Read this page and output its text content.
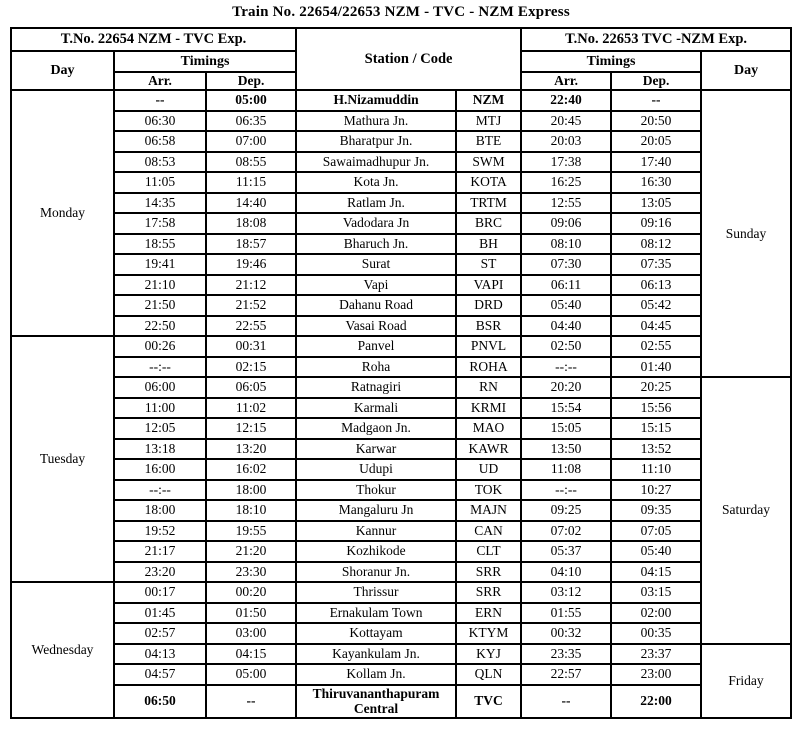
Train No. 22654/22653 NZM - TVC - NZM Express
T.No. 22654 NZM - TVC Exp.			Station / Code		T.No. 22653 TVC -NZM Exp.		
Day	Timings				Timings		Day
	Arr.	Dep.			Arr.	Dep.	
Monday	--	05:00	H.Nizamuddin	NZM	22:40	--	Sunday
	06:30	06:35	Mathura Jn.	MTJ	20:45	20:50	
	06:58	07:00	Bharatpur Jn.	BTE	20:03	20:05	
	08:53	08:55	Sawaimadhupur Jn.	SWM	17:38	17:40	
	11:05	11:15	Kota Jn.	KOTA	16:25	16:30	
	14:35	14:40	Ratlam Jn.	TRTM	12:55	13:05	
	17:58	18:08	Vadodara Jn	BRC	09:06	09:16	
	18:55	18:57	Bharuch Jn.	BH	08:10	08:12	
	19:41	19:46	Surat	ST	07:30	07:35	
	21:10	21:12	Vapi	VAPI	06:11	06:13	
	21:50	21:52	Dahanu Road	DRD	05:40	05:42	
	22:50	22:55	Vasai Road	BSR	04:40	04:45	
Tuesday	00:26	00:31	Panvel	PNVL	02:50	02:55	
	--:--	02:15	Roha	ROHA	--:--	01:40	
	06:00	06:05	Ratnagiri	RN	20:20	20:25	Saturday
	11:00	11:02	Karmali	KRMI	15:54	15:56	
	12:05	12:15	Madgaon Jn.	MAO	15:05	15:15	
	13:18	13:20	Karwar	KAWR	13:50	13:52	
	16:00	16:02	Udupi	UD	11:08	11:10	
	--:--	18:00	Thokur	TOK	--:--	10:27	
	18:00	18:10	Mangaluru Jn	MAJN	09:25	09:35	
	19:52	19:55	Kannur	CAN	07:02	07:05	
	21:17	21:20	Kozhikode	CLT	05:37	05:40	
	23:20	23:30	Shoranur Jn.	SRR	04:10	04:15	
Wednesday	00:17	00:20	Thrissur	SRR	03:12	03:15	
	01:45	01:50	Ernakulam Town	ERN	01:55	02:00	
	02:57	03:00	Kottayam	KTYM	00:32	00:35	
	04:13	04:15	Kayankulam Jn.	KYJ	23:35	23:37	Friday
	04:57	05:00	Kollam Jn.	QLN	22:57	23:00	
	06:50	--	Thiruvananthapuram Central	TVC	--	22:00	
